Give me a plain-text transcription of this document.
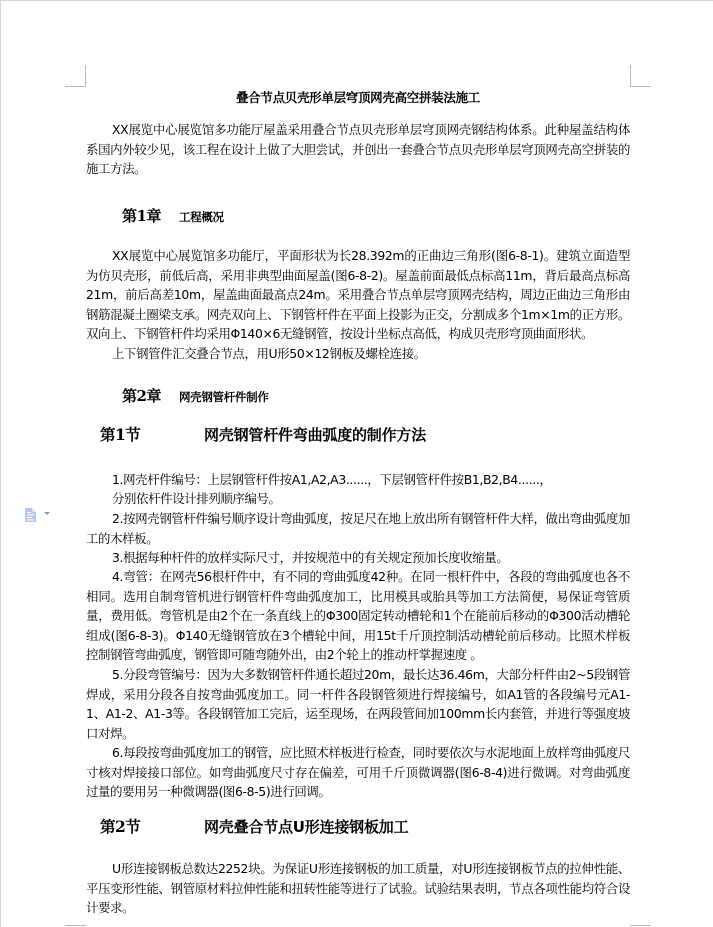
叠合节点贝壳形单层穹顶网壳高空拼装法施工
XX展览中心展览馆多功能厅屋盖采用叠合节点贝壳形单层穹顶网壳钢结构体系。此种屋盖结构体系国内外较少见，该工程在设计上做了大胆尝试，并创出一套叠合节点贝壳形单层穹顶网壳高空拼装的施工方法。
第1章 工程概况
XX展览中心展览馆多功能厅，平面形状为长28.392m的正曲边三角形(图6-8-1)。建筑立面造型为仿贝壳形，前低后高，采用非典型曲面屋盖(图6-8-2)。屋盖前面最低点标高11m，背后最高点标高21m，前后高差10m，屋盖曲面最高点24m。采用叠合节点单层穹顶网壳结构，周边正曲边三角形由钢筋混凝土圈梁支承。网壳双向上、下钢管杆件在平面上投影为正交，分割成多个1m×1m的正方形。双向上、下钢管杆件均采用Φ140×6无缝钢管，按设计坐标点高低，构成贝壳形穹顶曲面形状。
上下钢管件汇交叠合节点，用U形50×12钢板及螺栓连接。
第2章 网壳钢管杆件制作
第1节	网壳钢管杆件弯曲弧度的制作方法
1.网壳杆件编号：上层钢管杆件按A1,A2,A3......，下层钢管杆件按B1,B2,B4......，
分别依杆件设计排列顺序编号。
2.按网壳钢管杆件编号顺序设计弯曲弧度，按足尺在地上放出所有钢管杆件大样，做出弯曲弧度加工的木样板。
3.根据每种杆件的放样实际尺寸，并按规范中的有关规定预加长度收缩量。
4.弯管：在网壳56根杆件中，有不同的弯曲弧度42种。在同一根杆件中，各段的弯曲弧度也各不相同。选用自制弯管机进行钢管杆件弯曲弧度加工，比用模具或胎具等加工方法简便，易保证弯管质量，费用低。弯管机是由2个在一条直线上的Φ300固定转动槽轮和1个在能前后移动的Φ300活动槽轮组成(图6-8-3)。Φ140无缝钢管放在3个槽轮中间，用15t千斤顶控制活动槽轮前后移动。比照术样板控制钢管弯曲弧度，钢管即可随弯随外出，由2个轮上的推动杆掌握速度 。
5.分段弯管编号：因为大多数钢管杆件通长超过20m，最长达36.46m，大部分杆件由2~5段钢管焊成，采用分段各自按弯曲弧度加工。同一杆件各段钢管须进行焊接编号，如A1管的各段编号元A1-1、A1-2、A1-3等。各段钢管加工完后，运至现场，在两段管间加100mm长内套管，并进行等强度坡口对焊。
6.每段按弯曲弧度加工的钢管，应比照术样板进行检查，同时要依次与水泥地面上放样弯曲弧度尺寸核对焊接接口部位。如弯曲弧度尺寸存在偏差，可用千斤顶微调器(图6-8-4)进行微调。对弯曲弧度过量的要用另一种微调器(图6-8-5)进行回调。
第2节	网壳叠合节点U形连接钢板加工
U形连接钢板总数达2252块。为保证U形连接钢板的加工质量，对U形连接钢板节点的拉伸性能、平压变形性能、钢管原材料拉伸性能和扭转性能等进行了试验。试验结果表明，节点各项性能均符合设计要求。
